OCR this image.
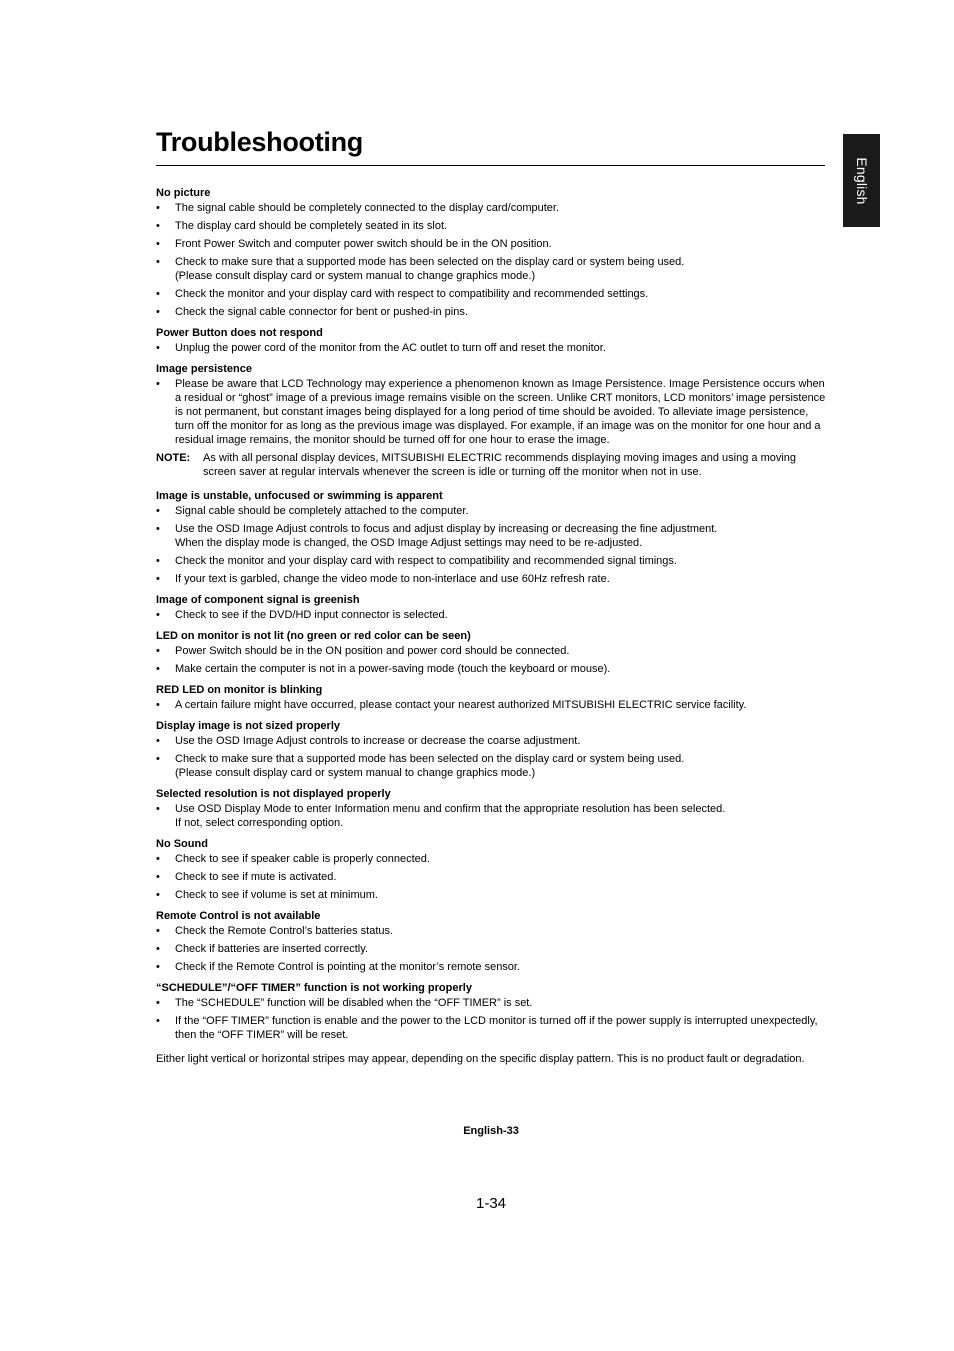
Troubleshooting
English
No picture
• The signal cable should be completely connected to the display card/computer.
• The display card should be completely seated in its slot.
• Front Power Switch and computer power switch should be in the ON position.
• Check to make sure that a supported mode has been selected on the display card or system being used.
(Please consult display card or system manual to change graphics mode.)
• Check the monitor and your display card with respect to compatibility and recommended settings.
• Check the signal cable connector for bent or pushed-in pins.
Power Button does not respond
• Unplug the power cord of the monitor from the AC outlet to turn off and reset the monitor.
Image persistence
• Please be aware that LCD Technology may experience a phenomenon known as Image Persistence. Image Persistence occurs when a residual or “ghost” image of a previous image remains visible on the screen. Unlike CRT monitors, LCD monitors’ image persistence is not permanent, but constant images being displayed for a long period of time should be avoided. To alleviate image persistence, turn off the monitor for as long as the previous image was displayed. For example, if an image was on the monitor for one hour and a residual image remains, the monitor should be turned off for one hour to erase the image.
NOTE:	As with all personal display devices, MITSUBISHI ELECTRIC recommends displaying moving images and using a moving screen saver at regular intervals whenever the screen is idle or turning off the monitor when not in use.
Image is unstable, unfocused or swimming is apparent
• Signal cable should be completely attached to the computer.
• Use the OSD Image Adjust controls to focus and adjust display by increasing or decreasing the fine adjustment.
When the display mode is changed, the OSD Image Adjust settings may need to be re-adjusted.
• Check the monitor and your display card with respect to compatibility and recommended signal timings.
• If your text is garbled, change the video mode to non-interlace and use 60Hz refresh rate.
Image of component signal is greenish
• Check to see if the DVD/HD input connector is selected.
LED on monitor is not lit (no green or red color can be seen)
• Power Switch should be in the ON position and power cord should be connected.
• Make certain the computer is not in a power-saving mode (touch the keyboard or mouse).
RED LED on monitor is blinking
• A certain failure might have occurred, please contact your nearest authorized MITSUBISHI ELECTRIC service facility.
Display image is not sized properly
• Use the OSD Image Adjust controls to increase or decrease the coarse adjustment.
• Check to make sure that a supported mode has been selected on the display card or system being used.
(Please consult display card or system manual to change graphics mode.)
Selected resolution is not displayed properly
• Use OSD Display Mode to enter Information menu and confirm that the appropriate resolution has been selected.
If not, select corresponding option.
No Sound
• Check to see if speaker cable is properly connected.
• Check to see if mute is activated.
• Check to see if volume is set at minimum.
Remote Control is not available
• Check the Remote Control’s batteries status.
• Check if batteries are inserted correctly.
• Check if the Remote Control is pointing at the monitor’s remote sensor.
“SCHEDULE”/“OFF TIMER” function is not working properly
• The “SCHEDULE” function will be disabled when the “OFF TIMER” is set.
• If the “OFF TIMER” function is enable and the power to the LCD monitor is turned off if the power supply is interrupted unexpectedly, then the “OFF TIMER” will be reset.
Either light vertical or horizontal stripes may appear, depending on the specific display pattern. This is no product fault or degradation.
English-33
1-34
